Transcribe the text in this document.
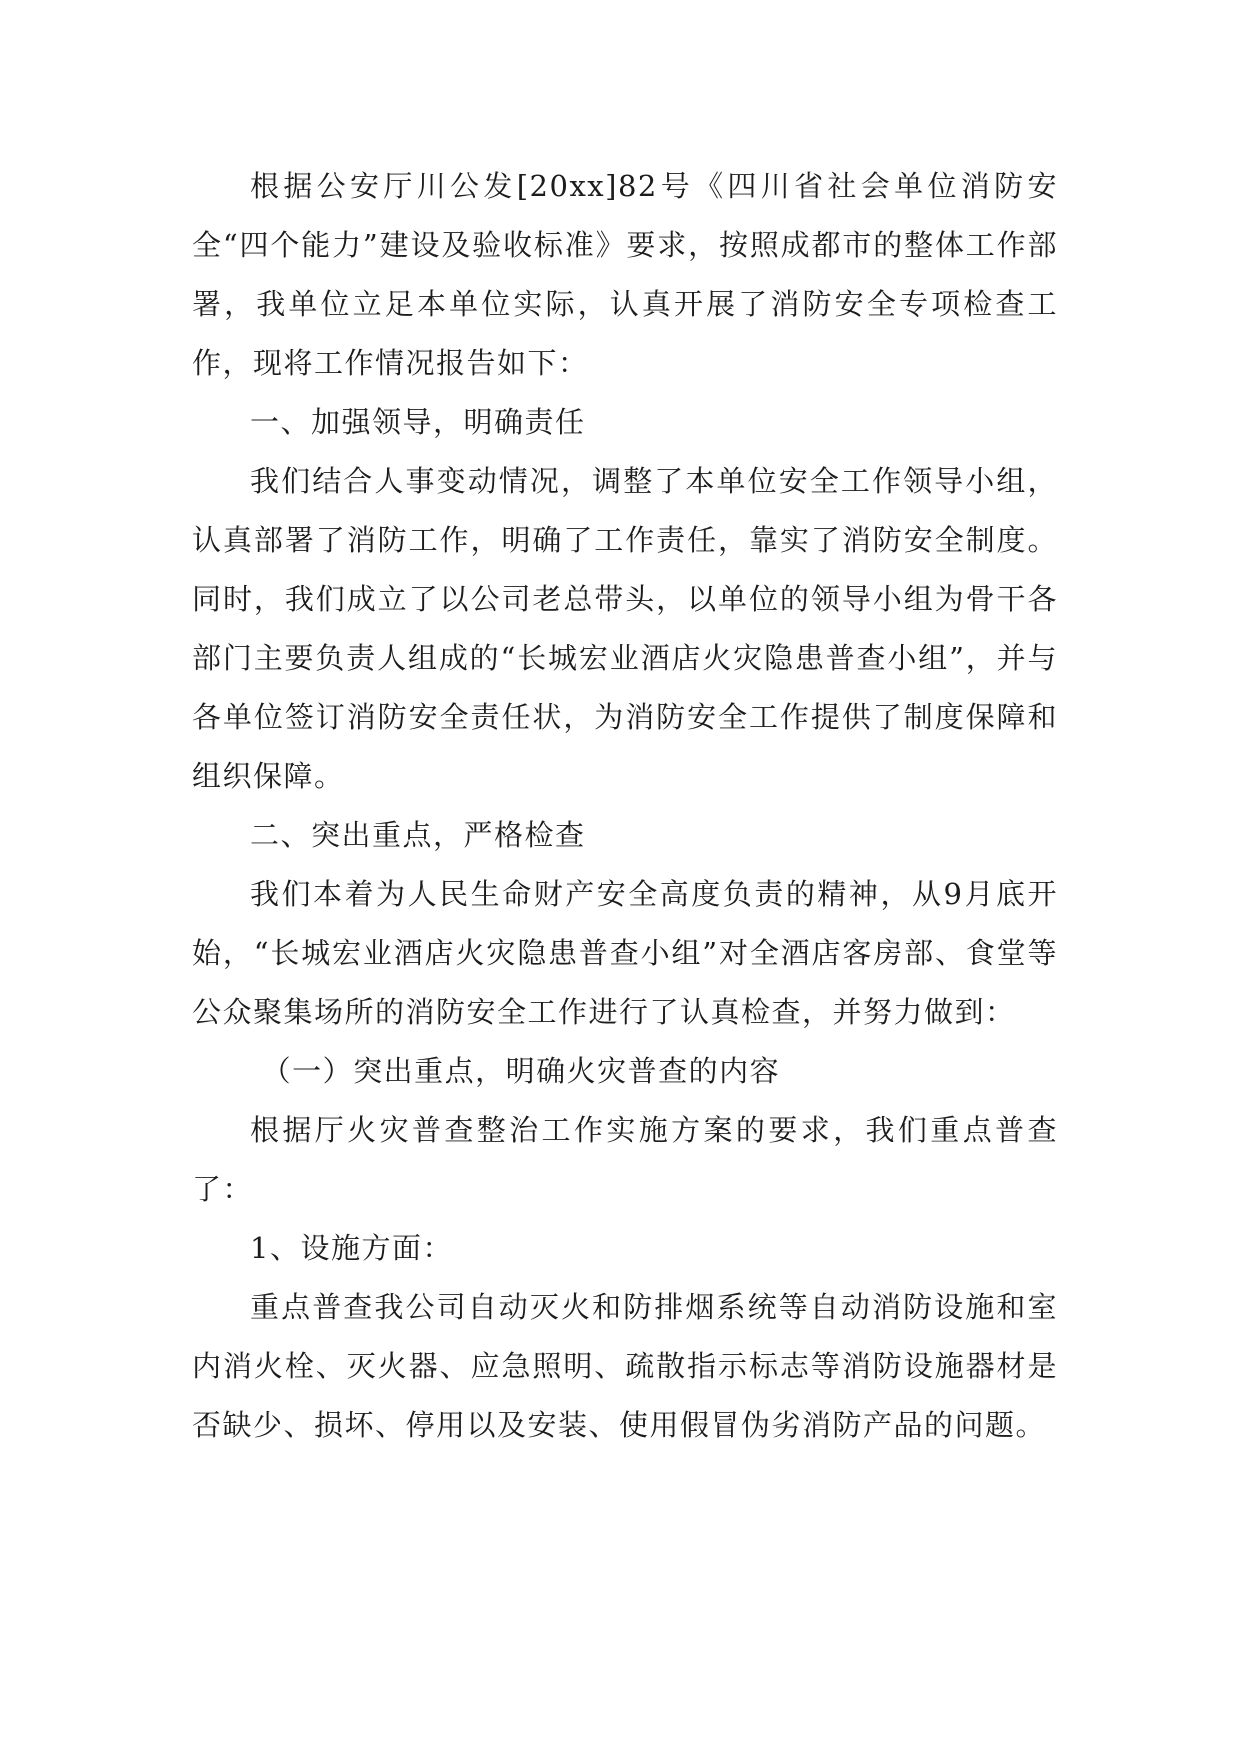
根据公安厅川公发[20xx]82号《四川省社会单位消防安全“四个能力”建设及验收标准》要求，按照成都市的整体工作部署，我单位立足本单位实际，认真开展了消防安全专项检查工作，现将工作情况报告如下：

一、加强领导，明确责任

我们结合人事变动情况，调整了本单位安全工作领导小组，认真部署了消防工作，明确了工作责任，靠实了消防安全制度。同时，我们成立了以公司老总带头，以单位的领导小组为骨干各部门主要负责人组成的“长城宏业酒店火灾隐患普查小组”，并与各单位签订消防安全责任状，为消防安全工作提供了制度保障和组织保障。

二、突出重点，严格检查

我们本着为人民生命财产安全高度负责的精神，从9月底开始，“长城宏业酒店火灾隐患普查小组”对全酒店客房部、食堂等公众聚集场所的消防安全工作进行了认真检查，并努力做到：

（一）突出重点，明确火灾普查的内容

根据厅火灾普查整治工作实施方案的要求，我们重点普查了：

1、设施方面：

重点普查我公司自动灭火和防排烟系统等自动消防设施和室内消火栓、灭火器、应急照明、疏散指示标志等消防设施器材是否缺少、损坏、停用以及安装、使用假冒伪劣消防产品的问题。
